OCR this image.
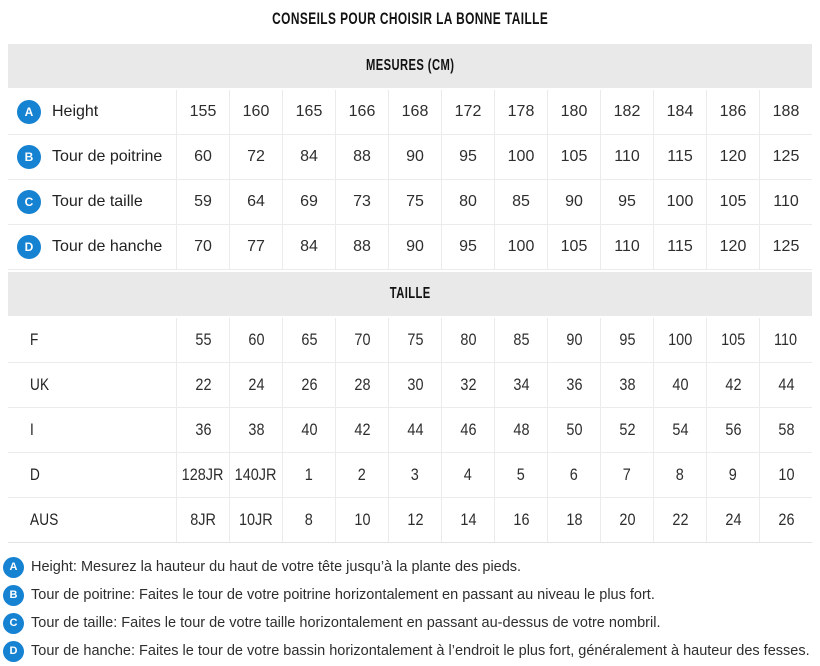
CONSEILS POUR CHOISIR LA BONNE TAILLE
MESURES (CM)
A	Height	155 160 165 166 168 172 178 180 182 184 186 188
B	Tour de poitrine 60 72 84 88 90 95 100 105 110 115 120 125
C	Tour de taille	59 64 69 73 75 80 85 90 95 100 105 110
D	Tour de hanche 70 77 84 88 90 95 100 105 110 115 120 125
TAILLE
F	55 60 65 70 75 80 85 90 95 100 105 110
UK	22 24 26 28 30 32 34 36 38 40 42 44
I	36 38 40 42 44 46 48 50 52 54 56 58
D	128JR 140JR 1	2	3	4	5	6	7	8	9 10
AUS	8JR 10JR 8 10 12 14 16 18 20 22 24 26
A Height: Mesurez la hauteur du haut de votre tête jusqu’à la plante des pieds.
B Tour de poitrine: Faites le tour de votre poitrine horizontalement en passant au niveau le plus fort.
C Tour de taille: Faites le tour de votre taille horizontalement en passant au-dessus de votre nombril.
D Tour de hanche: Faites le tour de votre bassin horizontalement à l’endroit le plus fort, généralement à hauteur des fesses.
